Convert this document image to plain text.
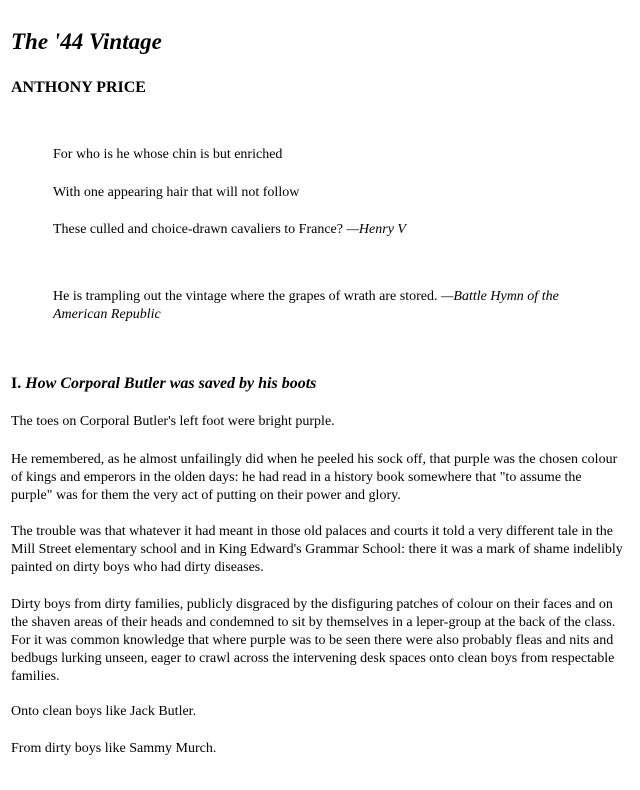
The '44 Vintage
ANTHONY PRICE

For who is he whose chin is but enriched

With one appearing hair that will not follow

These culled and choice-drawn cavaliers to France? —Henry V

He is trampling out the vintage where the grapes of wrath are stored. —Battle Hymn of the American Republic

I. How Corporal Butler was saved by his boots

The toes on Corporal Butler's left foot were bright purple.

He remembered, as he almost unfailingly did when he peeled his sock off, that purple was the chosen colour of kings and emperors in the olden days: he had read in a history book somewhere that "to assume the purple" was for them the very act of putting on their power and glory.

The trouble was that whatever it had meant in those old palaces and courts it told a very different tale in the Mill Street elementary school and in King Edward's Grammar School: there it was a mark of shame indelibly painted on dirty boys who had dirty diseases.

Dirty boys from dirty families, publicly disgraced by the disfiguring patches of colour on their faces and on the shaven areas of their heads and condemned to sit by themselves in a leper-group at the back of the class. For it was common knowledge that where purple was to be seen there were also probably fleas and nits and bedbugs lurking unseen, eager to crawl across the intervening desk spaces onto clean boys from respectable families.

Onto clean boys like Jack Butler.

From dirty boys like Sammy Murch.
